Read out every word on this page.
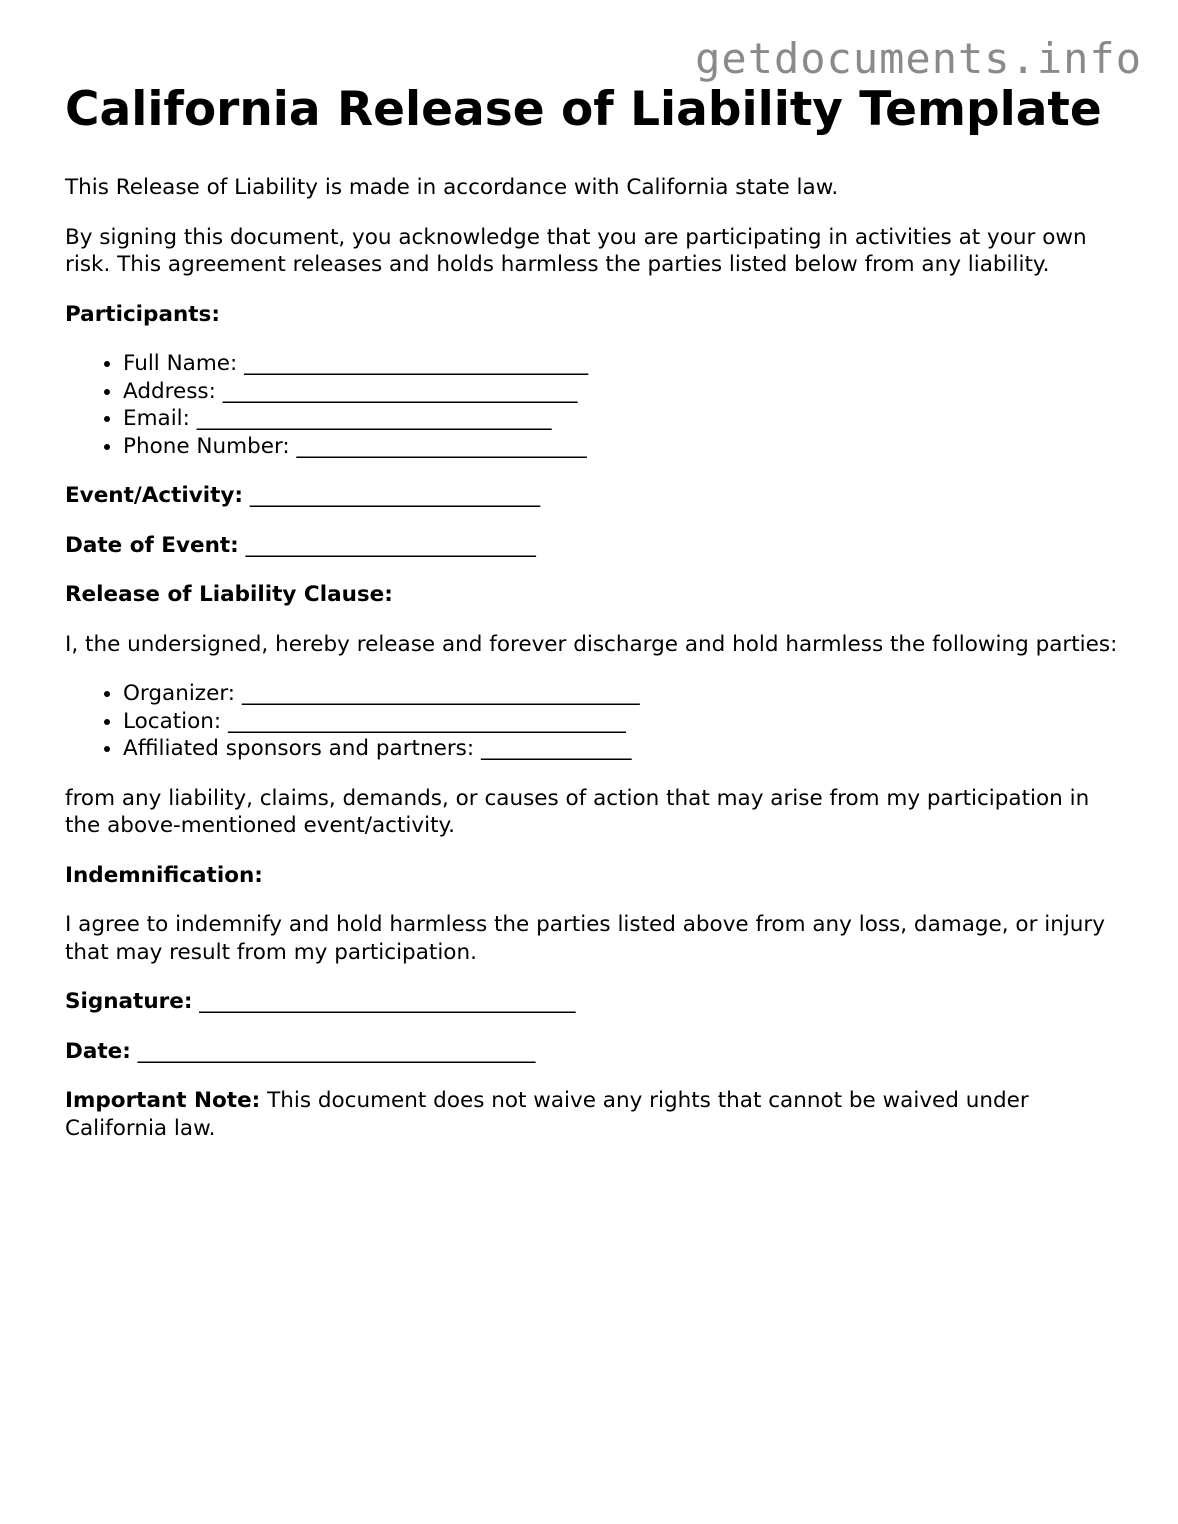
getdocuments.info
California Release of Liability Template

This Release of Liability is made in accordance with California state law.

By signing this document, you acknowledge that you are participating in activities at your own risk. This agreement releases and holds harmless the parties listed below from any liability.

Participants:

• Full Name: ________________________________
• Address: _________________________________
• Email: _________________________________
• Phone Number: ___________________________

Event/Activity: ___________________________

Date of Event: ___________________________

Release of Liability Clause:

I, the undersigned, hereby release and forever discharge and hold harmless the following parties:

• Organizer: _____________________________________
• Location: _____________________________________
• Affiliated sponsors and partners: ______________

from any liability, claims, demands, or causes of action that may arise from my participation in the above-mentioned event/activity.

Indemnification:

I agree to indemnify and hold harmless the parties listed above from any loss, damage, or injury that may result from my participation.

Signature: ___________________________________

Date: _____________________________________

Important Note: This document does not waive any rights that cannot be waived under California law.
